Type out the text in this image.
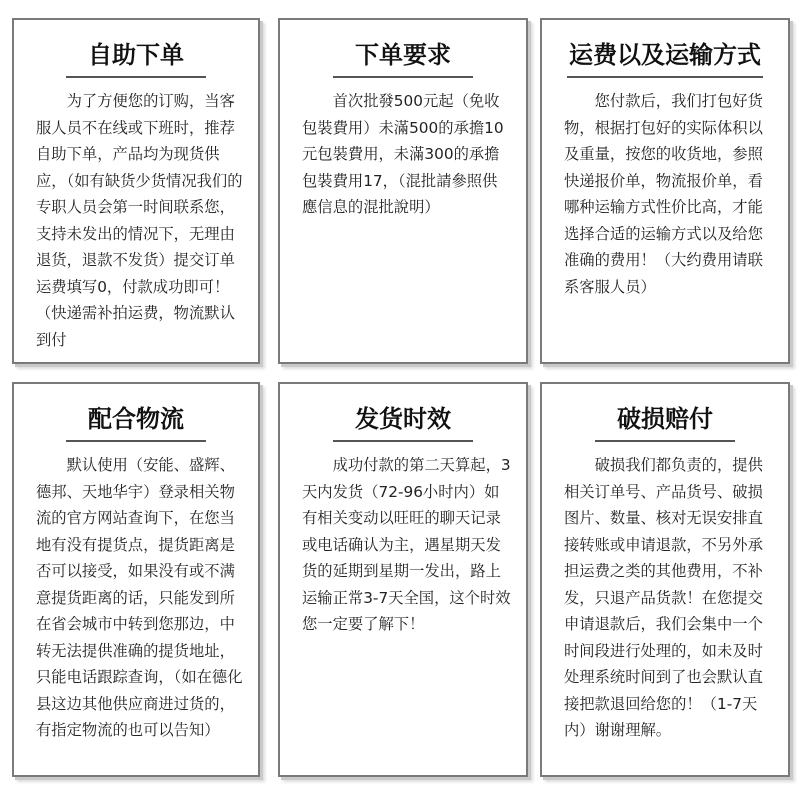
自助下单
为了方便您的订购，当客服人员不在线或下班时，推荐自助下单，产品均为现货供应，（如有缺货少货情况我们的专职人员会第一时间联系您，支持未发出的情况下，无理由退货，退款不发货）提交订单运费填写0，付款成功即可！（快递需补拍运费，物流默认到付
下单要求
首次批發500元起（免收包裝費用）未滿500的承擔10元包裝費用，未滿300的承擔包裝費用17，（混批請參照供應信息的混批說明）
运费以及运输方式
您付款后，我们打包好货物，根据打包好的实际体积以及重量，按您的收货地，参照快递报价单，物流报价单，看哪种运输方式性价比高，才能选择合适的运输方式以及给您准确的费用！（大约费用请联系客服人员）
配合物流
默认使用（安能、盛辉、德邦、天地华宇）登录相关物流的官方网站查询下，在您当地有没有提货点，提货距离是否可以接受，如果没有或不满意提货距离的话，只能发到所在省会城市中转到您那边，中转无法提供准确的提货地址，只能电话跟踪查询，（如在德化县这边其他供应商进过货的，有指定物流的也可以告知）
发货时效
成功付款的第二天算起，3天内发货（72-96小时内）如有相关变动以旺旺的聊天记录或电话确认为主，遇星期天发货的延期到星期一发出，路上运输正常3-7天全国，这个时效您一定要了解下！
破损赔付
破损我们都负责的，提供相关订单号、产品货号、破损图片、数量、核对无误安排直接转账或申请退款，不另外承担运费之类的其他费用，不补发，只退产品货款！在您提交申请退款后，我们会集中一个时间段进行处理的，如未及时处理系统时间到了也会默认直接把款退回给您的！（1-7天内）谢谢理解。
